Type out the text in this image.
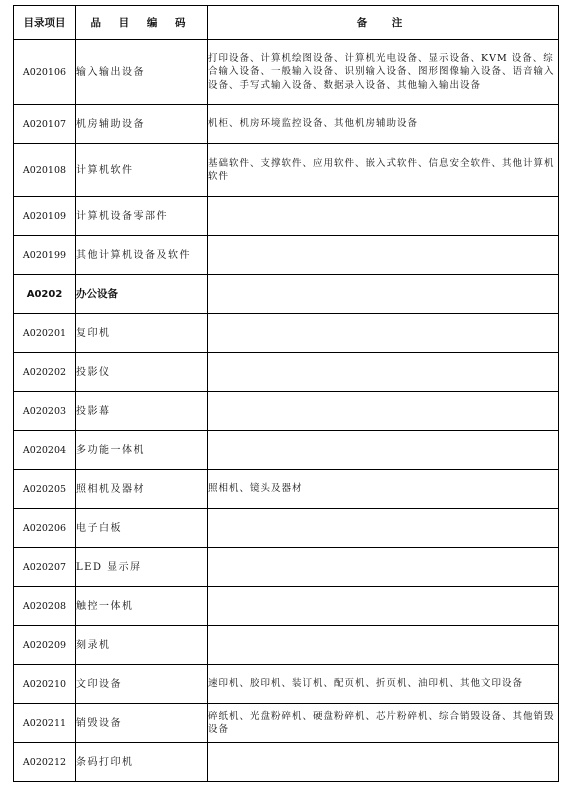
目录项目	品 目 编 码	备　注
A020106	输入输出设备	打印设备、计算机绘图设备、计算机光电设备、显示设备、KVM 设备、综合输入设备、一般输入设备、识别输入设备、图形图像输入设备、语音输入设备、手写式输入设备、数据录入设备、其他输入输出设备
A020107	机房辅助设备	机柜、机房环境监控设备、其他机房辅助设备
A020108	计算机软件	基础软件、支撑软件、应用软件、嵌入式软件、信息安全软件、其他计算机软件
A020109	计算机设备零部件	
A020199	其他计算机设备及软件	
A0202	办公设备	
A020201	复印机	
A020202	投影仪	
A020203	投影幕	
A020204	多功能一体机	
A020205	照相机及器材	照相机、镜头及器材
A020206	电子白板	
A020207	LED 显示屏	
A020208	触控一体机	
A020209	刻录机	
A020210	文印设备	速印机、胶印机、装订机、配页机、折页机、油印机、其他文印设备
A020211	销毁设备	碎纸机、光盘粉碎机、硬盘粉碎机、芯片粉碎机、综合销毁设备、其他销毁设备
A020212	条码打印机	
